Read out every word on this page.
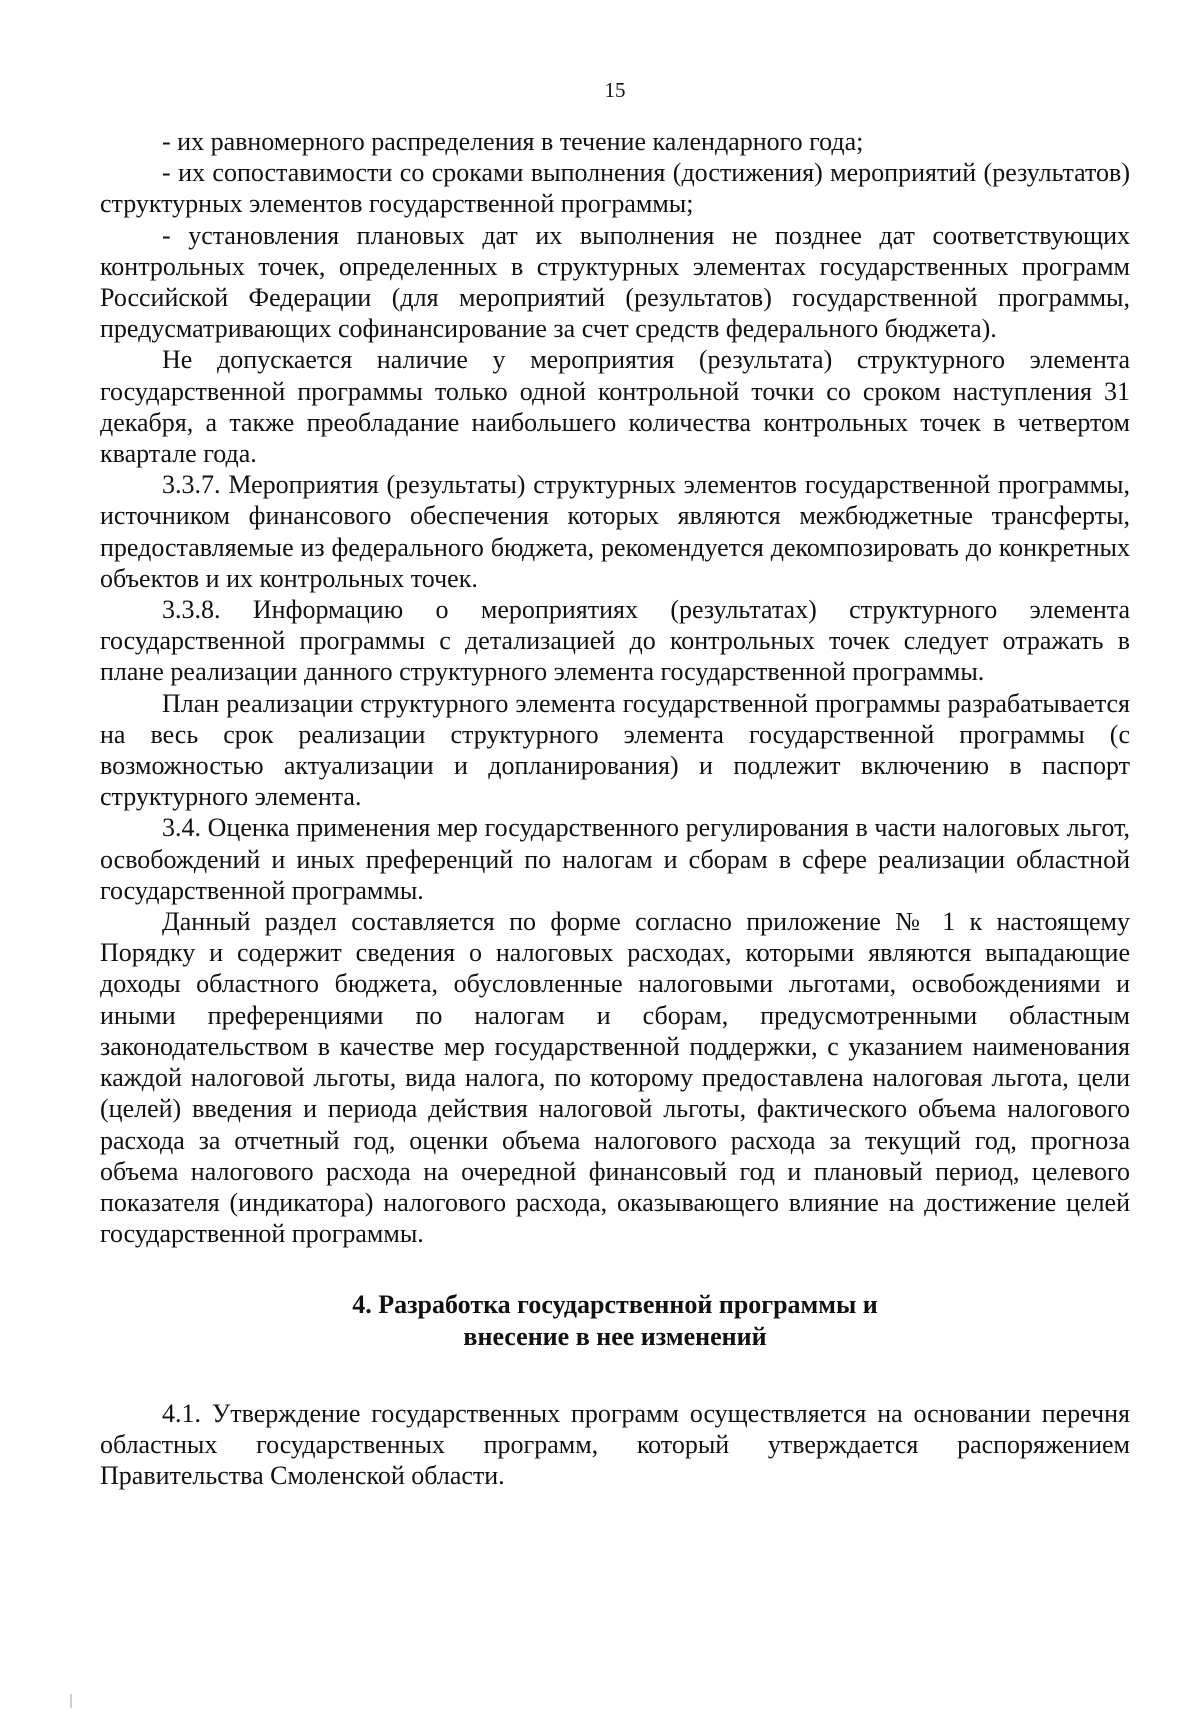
15

- их равномерного распределения в течение календарного года;

- их сопоставимости со сроками выполнения (достижения) мероприятий (результатов) структурных элементов государственной программы;

- установления плановых дат их выполнения не позднее дат соответствующих контрольных точек, определенных в структурных элементах государственных программ Российской Федерации (для мероприятий (результатов) государственной программы, предусматривающих софинансирование за счет средств федерального бюджета).

Не допускается наличие у мероприятия (результата) структурного элемента государственной программы только одной контрольной точки со сроком наступления 31 декабря, а также преобладание наибольшего количества контрольных точек в четвертом квартале года.

3.3.7. Мероприятия (результаты) структурных элементов государственной программы, источником финансового обеспечения которых являются межбюджетные трансферты, предоставляемые из федерального бюджета, рекомендуется декомпозировать до конкретных объектов и их контрольных точек.

3.3.8. Информацию о мероприятиях (результатах) структурного элемента государственной программы с детализацией до контрольных точек следует отражать в плане реализации данного структурного элемента государственной программы.

План реализации структурного элемента государственной программы разрабатывается на весь срок реализации структурного элемента государственной программы (с возможностью актуализации и допланирования) и подлежит включению в паспорт структурного элемента.

3.4. Оценка применения мер государственного регулирования в части налоговых льгот, освобождений и иных преференций по налогам и сборам в сфере реализации областной государственной программы.

Данный раздел составляется по форме согласно приложение № 1 к настоящему Порядку и содержит сведения о налоговых расходах, которыми являются выпадающие доходы областного бюджета, обусловленные налоговыми льготами, освобождениями и иными преференциями по налогам и сборам, предусмотренными областным законодательством в качестве мер государственной поддержки, с указанием наименования каждой налоговой льготы, вида налога, по которому предоставлена налоговая льгота, цели (целей) введения и периода действия налоговой льготы, фактического объема налогового расхода за отчетный год, оценки объема налогового расхода за текущий год, прогноза объема налогового расхода на очередной финансовый год и плановый период, целевого показателя (индикатора) налогового расхода, оказывающего влияние на достижение целей государственной программы.

4. Разработка государственной программы и
внесение в нее изменений

4.1. Утверждение государственных программ осуществляется на основании перечня областных государственных программ, который утверждается распоряжением Правительства Смоленской области.
